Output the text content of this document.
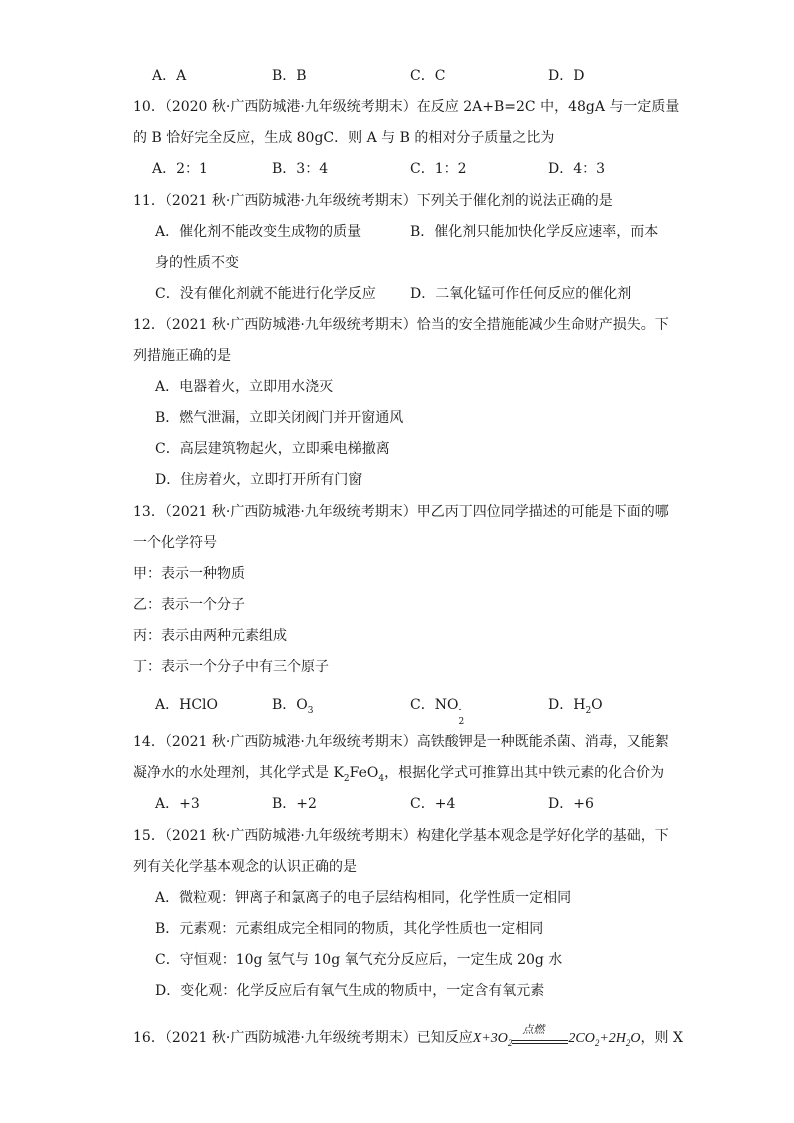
A．A	B．B	C．C	D．D
10．（2020 秋·广西防城港·九年级统考期末）在反应 2A+B=2C 中，48gA 与一定质量
的 B 恰好完全反应，生成 80gC．则 A 与 B 的相对分子质量之比为
A．2：1	B．3：4	C．1：2	D．4：3
11．（2021 秋·广西防城港·九年级统考期末）下列关于催化剂的说法正确的是
A．催化剂不能改变生成物的质量	B．催化剂只能加快化学反应速率，而本
身的性质不变
C．没有催化剂就不能进行化学反应 D．二氧化锰可作任何反应的催化剂
12．（2021 秋·广西防城港·九年级统考期末）恰当的安全措施能减少生命财产损失。下
列措施正确的是
A．电器着火，立即用水浇灭
B．燃气泄漏，立即关闭阀门并开窗通风
C．高层建筑物起火，立即乘电梯撤离
D．住房着火，立即打开所有门窗
13．（2021 秋·广西防城港·九年级统考期末）甲乙丙丁四位同学描述的可能是下面的哪
一个化学符号
甲：表示一种物质
乙：表示一个分子
丙：表示由两种元素组成
丁：表示一个分子中有三个原子
A．HClO	B．$O_3$	C．NO -
2
D．$H_2O$
14．（2021 秋·广西防城港·九年级统考期末）高铁酸钾是一种既能杀菌、消毒，又能絮
凝净水的水处理剂，其化学式是 $K_2FeO_4$，根据化学式可推算出其中铁元素的化合价为
A．+3	B．+2	C．+4	D．+6
15．（2021 秋·广西防城港·九年级统考期末）构建化学基本观念是学好化学的基础，下
列有关化学基本观念的认识正确的是
A．微粒观：钾离子和氯离子的电子层结构相同，化学性质一定相同
B．元素观：元素组成完全相同的物质，其化学性质也一定相同
C．守恒观：10g 氢气与 10g 氧气充分反应后，一定生成 20g 水
D．变化观：化学反应后有氧气生成的物质中，一定含有氧元素
16．（2021 秋·广西防城港·九年级统考期末）已知反应$X+3O_2$
点燃
$2CO_2+2H_2O$，则 X
